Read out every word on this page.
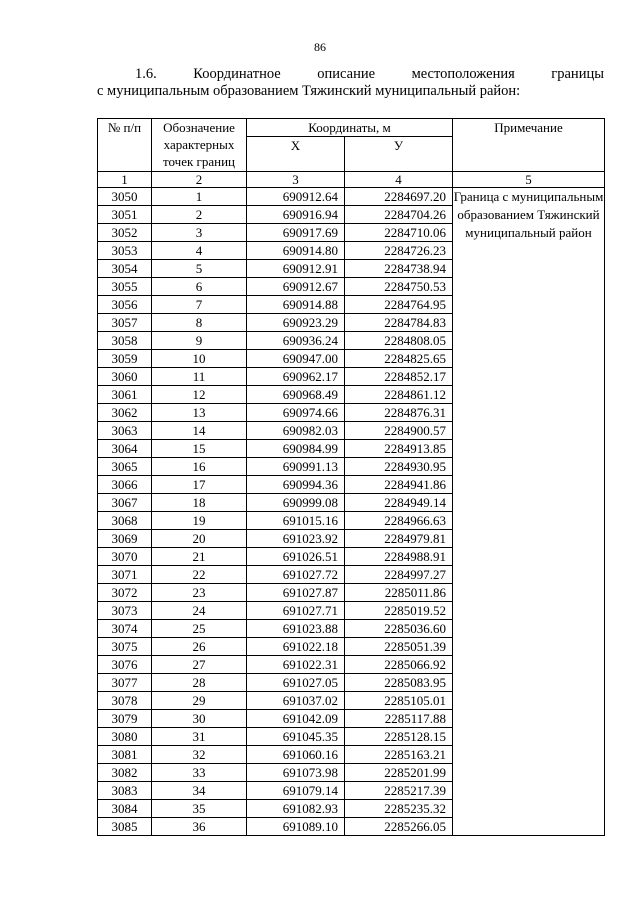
86
1.6.	Координатное	описание	местоположения	границы
с муниципальным образованием Тяжинский муниципальный район:
№ п/п	Обозначение характерных точек границ	Координаты, м		Примечание
		X	У	
1	2	3	4	5
3050	1	690912.64	2284697.20	Граница с муниципальным образованием Тяжинский муниципальный район
3051	2	690916.94	2284704.26	
3052	3	690917.69	2284710.06	
3053	4	690914.80	2284726.23	
3054	5	690912.91	2284738.94	
3055	6	690912.67	2284750.53	
3056	7	690914.88	2284764.95	
3057	8	690923.29	2284784.83	
3058	9	690936.24	2284808.05	
3059	10	690947.00	2284825.65	
3060	11	690962.17	2284852.17	
3061	12	690968.49	2284861.12	
3062	13	690974.66	2284876.31	
3063	14	690982.03	2284900.57	
3064	15	690984.99	2284913.85	
3065	16	690991.13	2284930.95	
3066	17	690994.36	2284941.86	
3067	18	690999.08	2284949.14	
3068	19	691015.16	2284966.63	
3069	20	691023.92	2284979.81	
3070	21	691026.51	2284988.91	
3071	22	691027.72	2284997.27	
3072	23	691027.87	2285011.86	
3073	24	691027.71	2285019.52	
3074	25	691023.88	2285036.60	
3075	26	691022.18	2285051.39	
3076	27	691022.31	2285066.92	
3077	28	691027.05	2285083.95	
3078	29	691037.02	2285105.01	
3079	30	691042.09	2285117.88	
3080	31	691045.35	2285128.15	
3081	32	691060.16	2285163.21	
3082	33	691073.98	2285201.99	
3083	34	691079.14	2285217.39	
3084	35	691082.93	2285235.32	
3085	36	691089.10	2285266.05	
